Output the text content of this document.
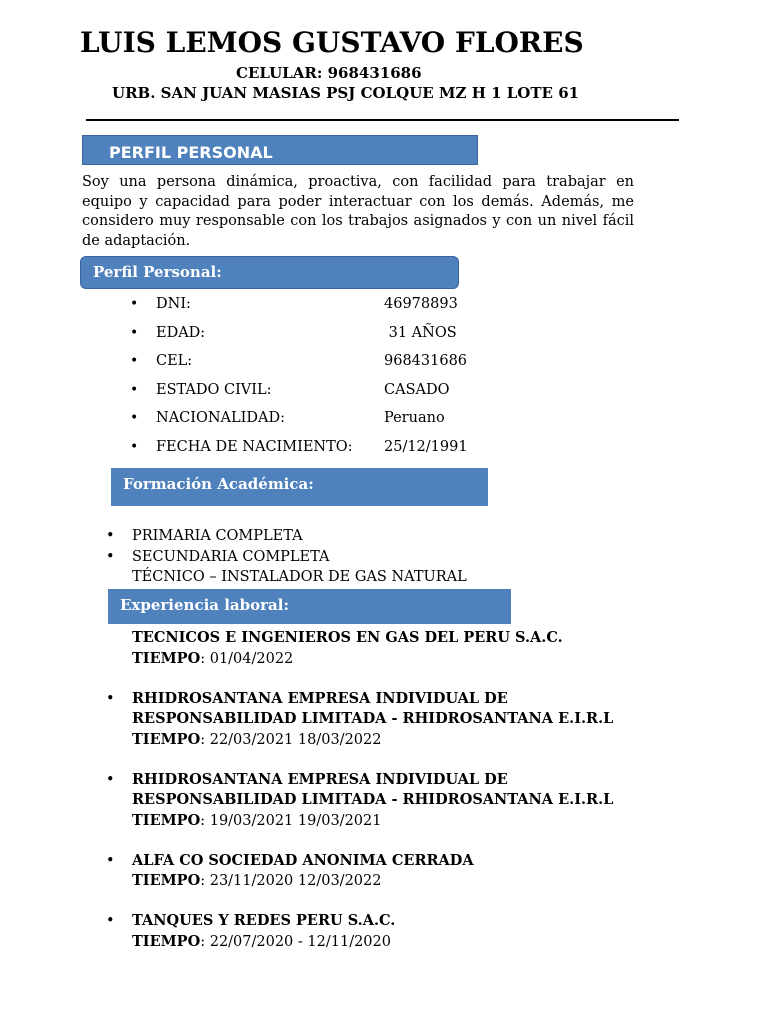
LUIS LEMOS GUSTAVO FLORES
CELULAR: 968431686
URB. SAN JUAN MASIAS PSJ COLQUE MZ H 1 LOTE 61
PERFIL PERSONAL

Soy una persona dinámica, proactiva, con facilidad para trabajar en equipo y capacidad para poder interactuar con los demás. Además, me considero muy responsable con los trabajos asignados y con un nivel fácil de adaptación.

Perfil Personal:
• DNI:	46978893
• EDAD:	31 AÑOS
• CEL:	968431686
• ESTADO CIVIL:	CASADO
• NACIONALIDAD:	Peruano
• FECHA DE NACIMIENTO: 25/12/1991
Formación Académica:
• PRIMARIA COMPLETA
• SECUNDARIA COMPLETA
TÉCNICO – INSTALADOR DE GAS NATURAL
Experiencia laboral:
TECNICOS E INGENIEROS EN GAS DEL PERU S.A.C.
TIEMPO: 01/04/2022
• RHIDROSANTANA EMPRESA INDIVIDUAL DE
RESPONSABILIDAD LIMITADA - RHIDROSANTANA E.I.R.L
TIEMPO: 22/03/2021 18/03/2022
• RHIDROSANTANA EMPRESA INDIVIDUAL DE
RESPONSABILIDAD LIMITADA - RHIDROSANTANA E.I.R.L
TIEMPO: 19/03/2021 19/03/2021
• ALFA CO SOCIEDAD ANONIMA CERRADA
TIEMPO: 23/11/2020 12/03/2022
• TANQUES Y REDES PERU S.A.C.
TIEMPO: 22/07/2020 - 12/11/2020
